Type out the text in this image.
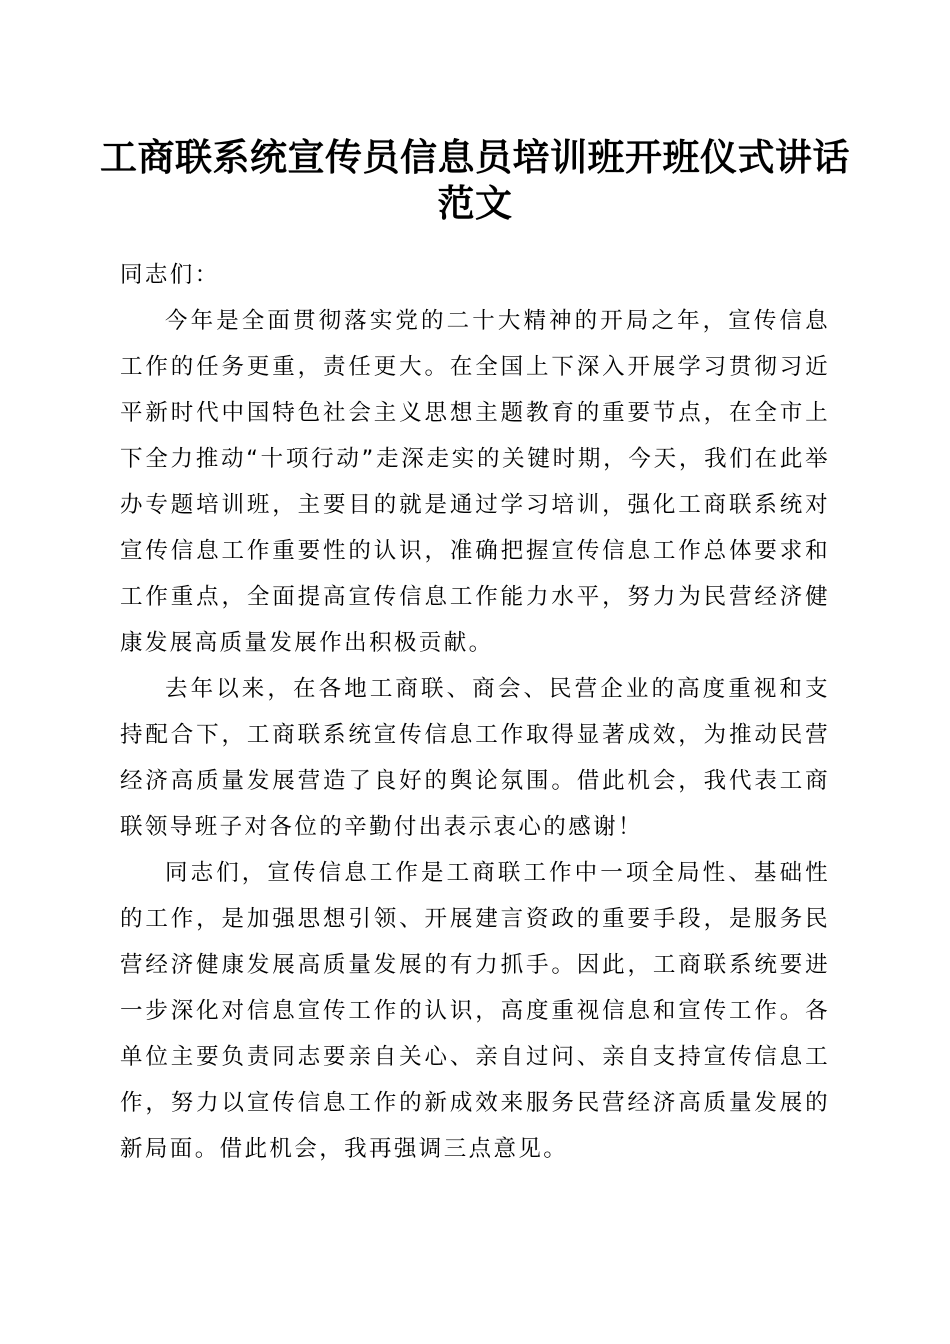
工商联系统宣传员信息员培训班开班仪式讲话范文

同志们：

今年是全面贯彻落实党的二十大精神的开局之年，宣传信息工作的任务更重，责任更大。在全国上下深入开展学习贯彻习近平新时代中国特色社会主义思想主题教育的重要节点，在全市上下全力推动“十项行动”走深走实的关键时期，今天，我们在此举办专题培训班，主要目的就是通过学习培训，强化工商联系统对宣传信息工作重要性的认识，准确把握宣传信息工作总体要求和工作重点，全面提高宣传信息工作能力水平，努力为民营经济健康发展高质量发展作出积极贡献。

去年以来，在各地工商联、商会、民营企业的高度重视和支持配合下，工商联系统宣传信息工作取得显著成效，为推动民营经济高质量发展营造了良好的舆论氛围。借此机会，我代表工商联领导班子对各位的辛勤付出表示衷心的感谢！

同志们，宣传信息工作是工商联工作中一项全局性、基础性的工作，是加强思想引领、开展建言资政的重要手段，是服务民营经济健康发展高质量发展的有力抓手。因此，工商联系统要进一步深化对信息宣传工作的认识，高度重视信息和宣传工作。各单位主要负责同志要亲自关心、亲自过问、亲自支持宣传信息工作，努力以宣传信息工作的新成效来服务民营经济高质量发展的新局面。借此机会，我再强调三点意见。
